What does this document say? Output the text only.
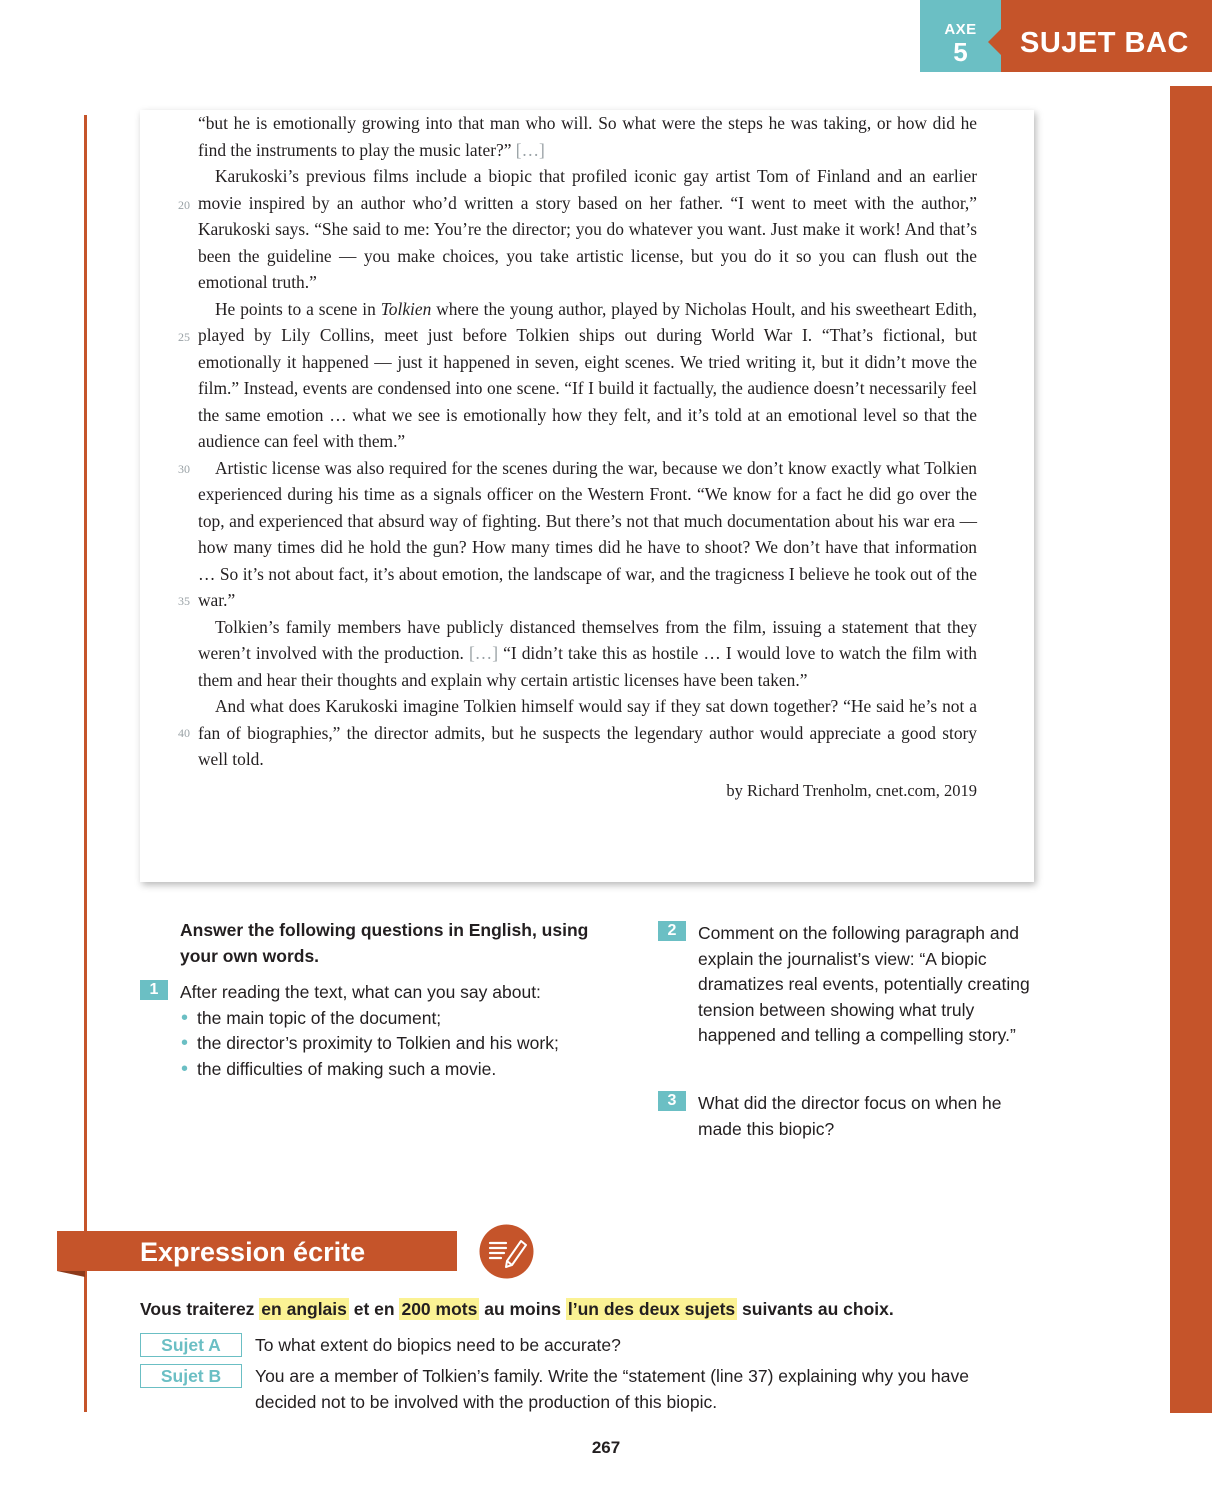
AXE
5	SUJET BAC

“but he is emotionally growing into that man who will. So what were the steps he was taking, or how did he find the instruments to play the music later?” […]

Karukoski’s previous films include a biopic that profiled iconic gay artist Tom of Finland and an earlier movie inspired by an author who’d written a story based on her father. “I went to meet with the author,” Karukoski says. “She said to me: You’re the director; you do whatever you want. Just make it work! And that’s been the guideline — you make choices, you take artistic license, but you do it so you can flush out the emotional truth.”

He points to a scene in Tolkien where the young author, played by Nicholas Hoult, and his sweetheart Edith, played by Lily Collins, meet just before Tolkien ships out during World War I. “That’s fictional, but emotionally it happened — just it happened in seven, eight scenes. We tried writing it, but it didn’t move the film.” Instead, events are condensed into one scene. “If I build it factually, the audience doesn’t necessarily feel the same emotion … what we see is emotionally how they felt, and it’s told at an emotional level so that the audience can feel with them.”

Artistic license was also required for the scenes during the war, because we don’t know exactly what Tolkien experienced during his time as a signals officer on the Western Front. “We know for a fact he did go over the top, and experienced that absurd way of fighting. But there’s not that much documentation about his war era — how many times did he hold the gun? How many times did he have to shoot? We don’t have that information … So it’s not about fact, it’s about emotion, the landscape of war, and the tragicness I believe he took out of the war.”

Tolkien’s family members have publicly distanced themselves from the film, issuing a statement that they weren’t involved with the production. […] “I didn’t take this as hostile … I would love to watch the film with them and hear their thoughts and explain why certain artistic licenses have been taken.”

And what does Karukoski imagine Tolkien himself would say if they sat down together? “He said he’s not a fan of biographies,” the director admits, but he suspects the legendary author would appreciate a good story well told.

20
25
30
35
40
by Richard Trenholm, cnet.com, 2019
Answer the following questions in English, using your own words.
1	After reading the text, what can you say about:
• the main topic of the document;
• the director’s proximity to Tolkien and his work;
• the difficulties of making such a movie.
2	Comment on the following paragraph and explain the journalist’s view: “A biopic dramatizes real events, potentially creating tension between showing what truly happened and telling a compelling story.”
3	What did the director focus on when he made this biopic?
Expression écrite
Vous traiterez en anglais et en 200 mots au moins l’un des deux sujets suivants au choix.
Sujet A	To what extent do biopics need to be accurate?
Sujet B	You are a member of Tolkien’s family. Write the “statement (line 37) explaining why you have decided not to be involved with the production of this biopic.
267
